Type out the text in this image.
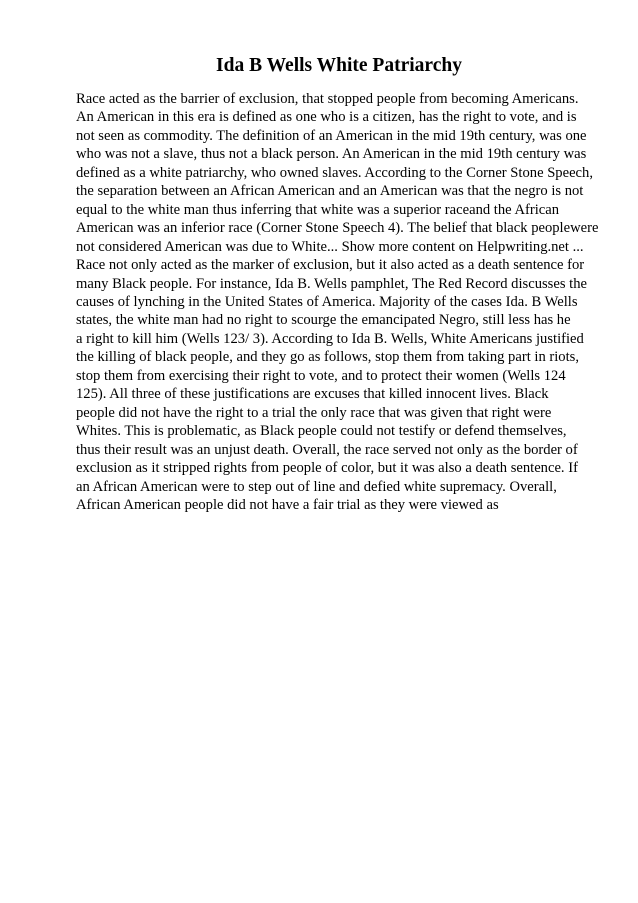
Ida B Wells White Patriarchy
Race acted as the barrier of exclusion, that stopped people from becoming Americans.
An American in this era is defined as one who is a citizen, has the right to vote, and is
not seen as commodity. The definition of an American in the mid 19th century, was one
who was not a slave, thus not a black person. An American in the mid 19th century was
defined as a white patriarchy, who owned slaves. According to the Corner Stone Speech,
the separation between an African American and an American was that the negro is not
equal to the white man thus inferring that white was a superior raceand the African
American was an inferior race (Corner Stone Speech 4). The belief that black peoplewere
not considered American was due to White... Show more content on Helpwriting.net ...
Race not only acted as the marker of exclusion, but it also acted as a death sentence for
many Black people. For instance, Ida B. Wells pamphlet, The Red Record discusses the
causes of lynching in the United States of America. Majority of the cases Ida. B Wells
states, the white man had no right to scourge the emancipated Negro, still less has he
a right to kill him (Wells 123/ 3). According to Ida B. Wells, White Americans justified
the killing of black people, and they go as follows, stop them from taking part in riots,
stop them from exercising their right to vote, and to protect their women (Wells 124
125). All three of these justifications are excuses that killed innocent lives. Black
people did not have the right to a trial the only race that was given that right were
Whites. This is problematic, as Black people could not testify or defend themselves,
thus their result was an unjust death. Overall, the race served not only as the border of
exclusion as it stripped rights from people of color, but it was also a death sentence. If
an African American were to step out of line and defied white supremacy. Overall,
African American people did not have a fair trial as they were viewed as
